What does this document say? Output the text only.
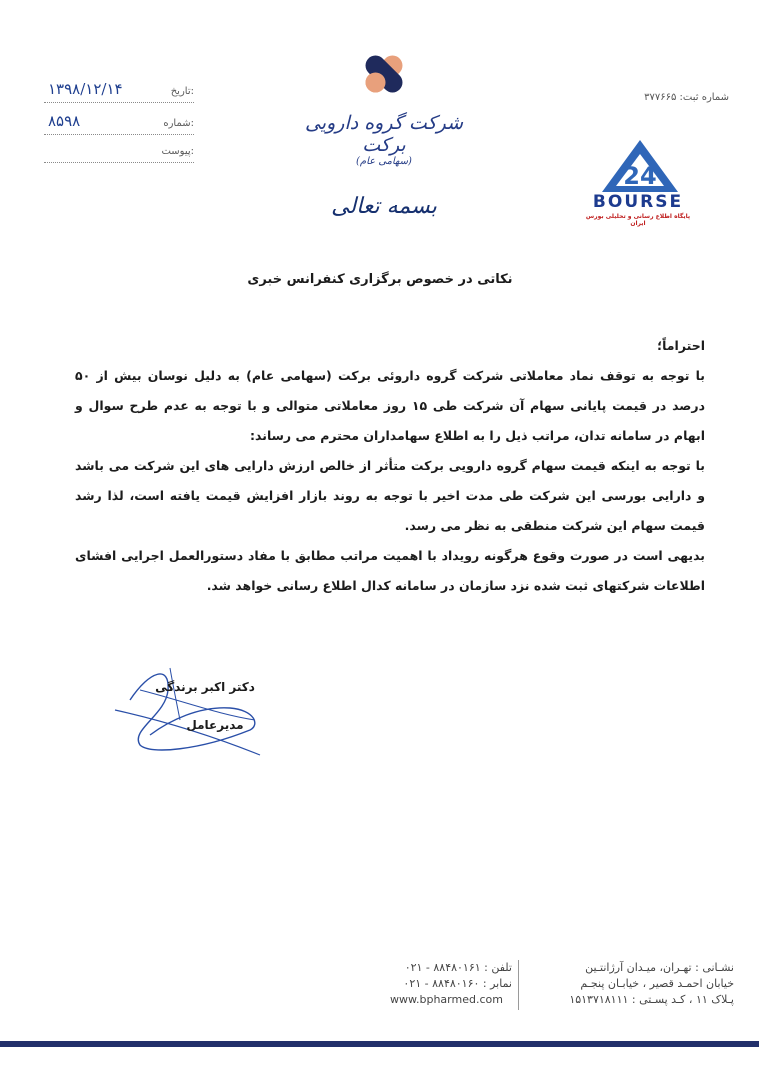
۱۳۹۸/۱۲/۱۴	تاریخ:
۸۵۹۸	شماره:
پیوست:
شماره ثبت: ۳۷۷۶۶۵
شرکت گروه دارویی برکت
(سهامی عام)
بسمه تعالی
24
BOURSE
پایگاه اطلاع رسانی و تحلیلی بورس ایران
نکاتی در خصوص برگزاری کنفرانس خبری

احتراماً؛

با توجه به توقف نماد معاملاتی شرکت گروه داروئی برکت (سهامی عام) به دلیل نوسان بیش از ۵۰ درصد در قیمت پایانی سهام آن شرکت طی ۱۵ روز معاملاتی متوالی و با توجه به عدم طرح سوال و ابهام در سامانه تدان، مراتب ذیل را به اطلاع سهامداران محترم می رساند:

با توجه به اینکه قیمت سهام گروه دارویی برکت متأثر از خالص ارزش دارایی های این شرکت می باشد و دارایی بورسی این شرکت طی مدت اخیر با توجه به روند بازار افزایش قیمت یافته است، لذا رشد قیمت سهام این شرکت منطقی به نظر می رسد.

بدیهی است در صورت وقوع هرگونه رویداد با اهمیت مراتب مطابق با مفاد دستورالعمل اجرایی افشای اطلاعات شرکتهای ثبت شده نزد سازمان در سامانه کدال اطلاع رسانی خواهد شد.

دکتر اکبر برندگی
مدیرعامل
نشـانی : تهـران، میـدان آرژانتـین
خیابان احمـد قصیر ، خیابـان پنجـم
پـلاک ۱۱ ، کـد پسـتی : ۱۵۱۳۷۱۸۱۱۱
تلفن : ۸۸۴۸۰۱۶۱ - ۰۲۱
نمابر : ۸۸۴۸۰۱۶۰ - ۰۲۱
www.bpharmed.com
